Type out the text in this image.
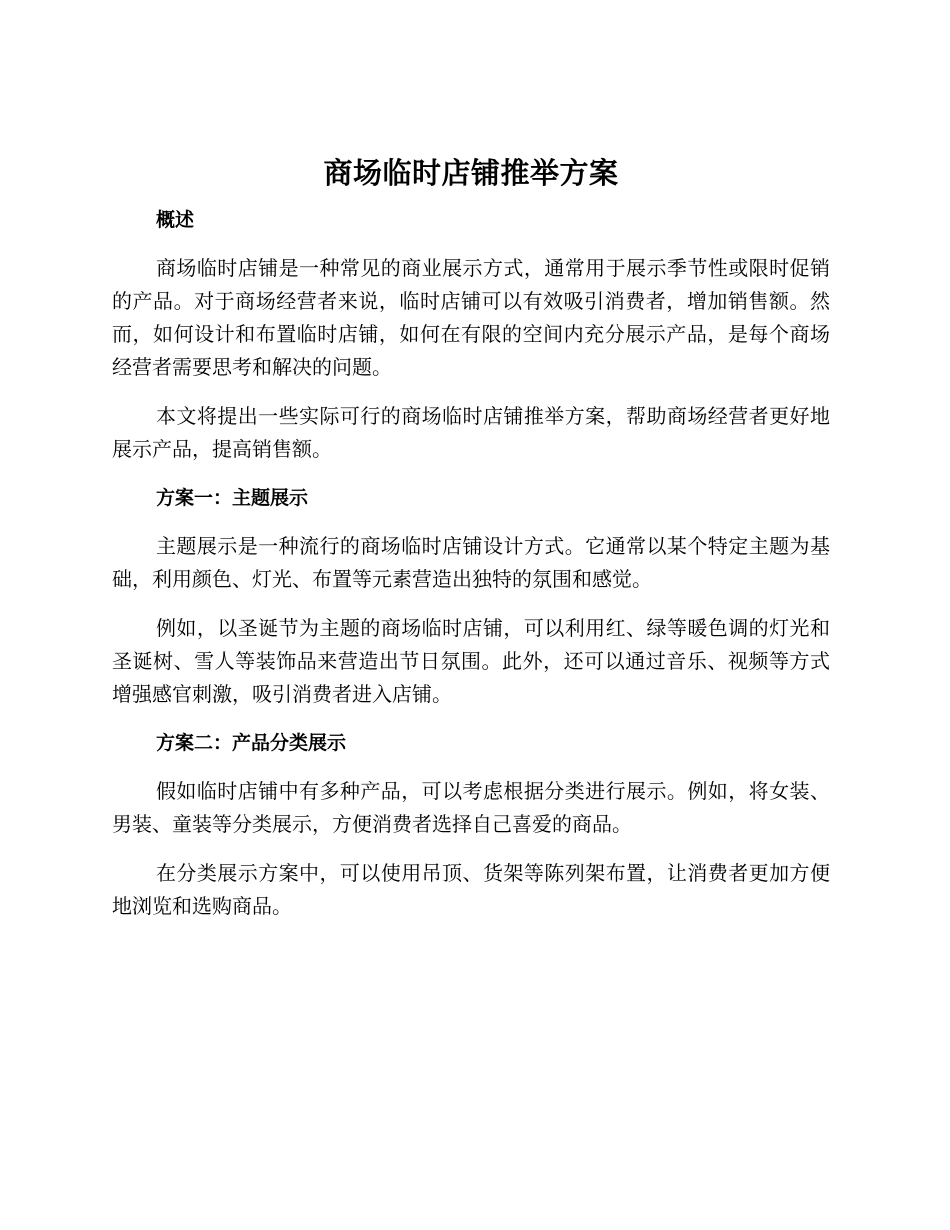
商场临时店铺推举方案
概述

商场临时店铺是一种常见的商业展示方式，通常用于展示季节性或限时促销的产品。对于商场经营者来说，临时店铺可以有效吸引消费者，增加销售额。然而，如何设计和布置临时店铺，如何在有限的空间内充分展示产品，是每个商场经营者需要思考和解决的问题。

本文将提出一些实际可行的商场临时店铺推举方案，帮助商场经营者更好地展示产品，提高销售额。

方案一：主题展示

主题展示是一种流行的商场临时店铺设计方式。它通常以某个特定主题为基础，利用颜色、灯光、布置等元素营造出独特的氛围和感觉。

例如，以圣诞节为主题的商场临时店铺，可以利用红、绿等暖色调的灯光和圣诞树、雪人等装饰品来营造出节日氛围。此外，还可以通过音乐、视频等方式增强感官刺激，吸引消费者进入店铺。

方案二：产品分类展示

假如临时店铺中有多种产品，可以考虑根据分类进行展示。例如，将女装、男装、童装等分类展示，方便消费者选择自己喜爱的商品。

在分类展示方案中，可以使用吊顶、货架等陈列架布置，让消费者更加方便地浏览和选购商品。
